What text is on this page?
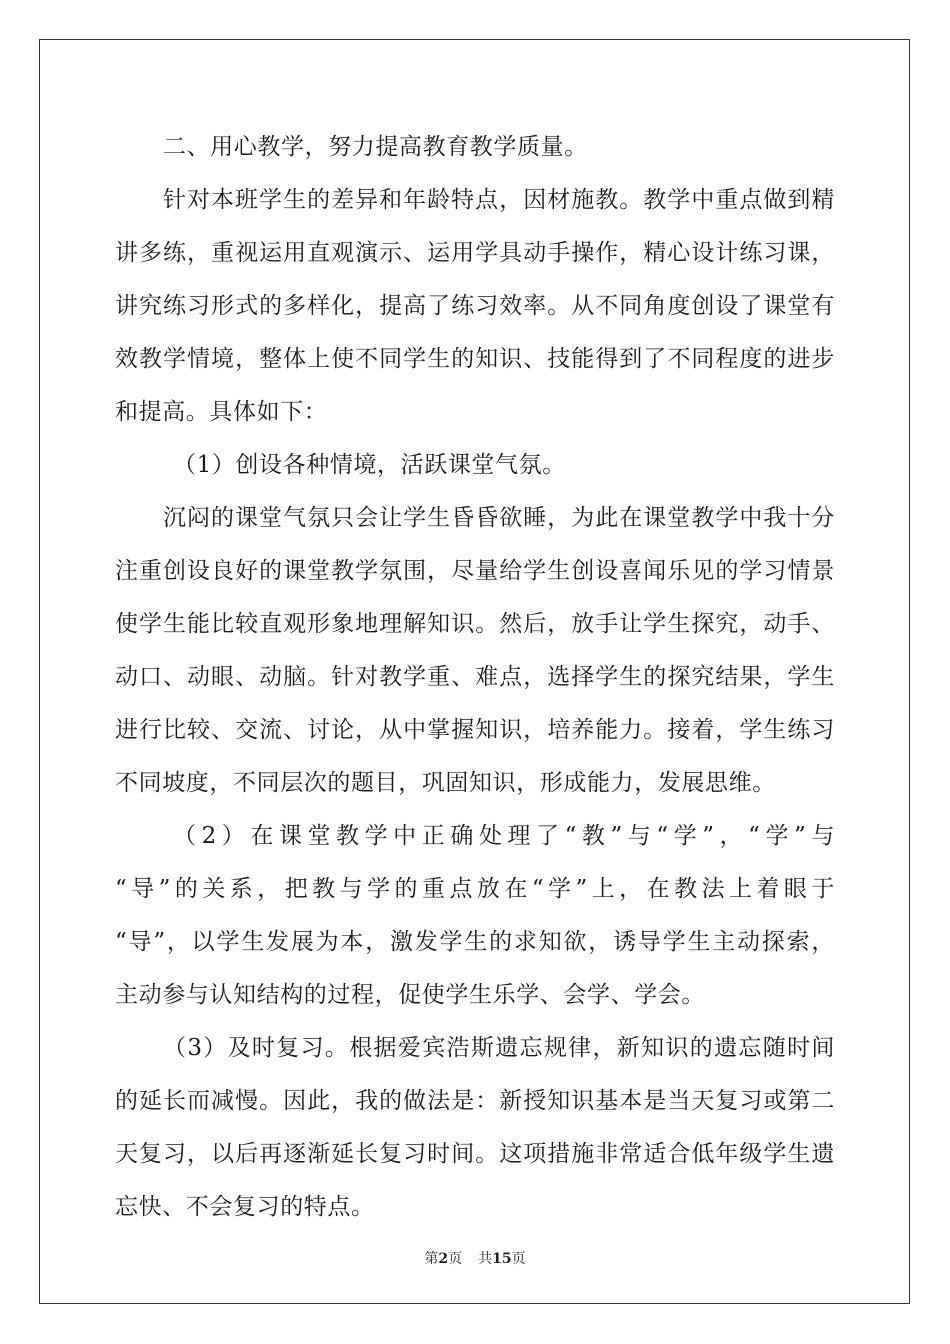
二、用心教学，努力提高教育教学质量。
针对本班学生的差异和年龄特点，因材施教。教学中重点做到精
讲多练，重视运用直观演示、运用学具动手操作，精心设计练习课，
讲究练习形式的多样化，提高了练习效率。从不同角度创设了课堂有
效教学情境，整体上使不同学生的知识、技能得到了不同程度的进步
和提高。具体如下：
（1）创设各种情境，活跃课堂气氛。
沉闷的课堂气氛只会让学生昏昏欲睡，为此在课堂教学中我十分
注重创设良好的课堂教学氛围，尽量给学生创设喜闻乐见的学习情景
使学生能比较直观形象地理解知识。然后，放手让学生探究，动手、
动口、动眼、动脑。针对教学重、难点，选择学生的探究结果，学生
进行比较、交流、讨论，从中掌握知识，培养能力。接着，学生练习
不同坡度，不同层次的题目，巩固知识，形成能力，发展思维。
（2）在课堂教学中正确处理了“教”与“学”，“学”与
“导”的关系，把教与学的重点放在“学”上，在教法上着眼于
“导”，以学生发展为本，激发学生的求知欲，诱导学生主动探索，
主动参与认知结构的过程，促使学生乐学、会学、学会。
（3）及时复习。根据爱宾浩斯遗忘规律，新知识的遗忘随时间
的延长而减慢。因此，我的做法是：新授知识基本是当天复习或第二
天复习，以后再逐渐延长复习时间。这项措施非常适合低年级学生遗
忘快、不会复习的特点。
第2页 共15页
